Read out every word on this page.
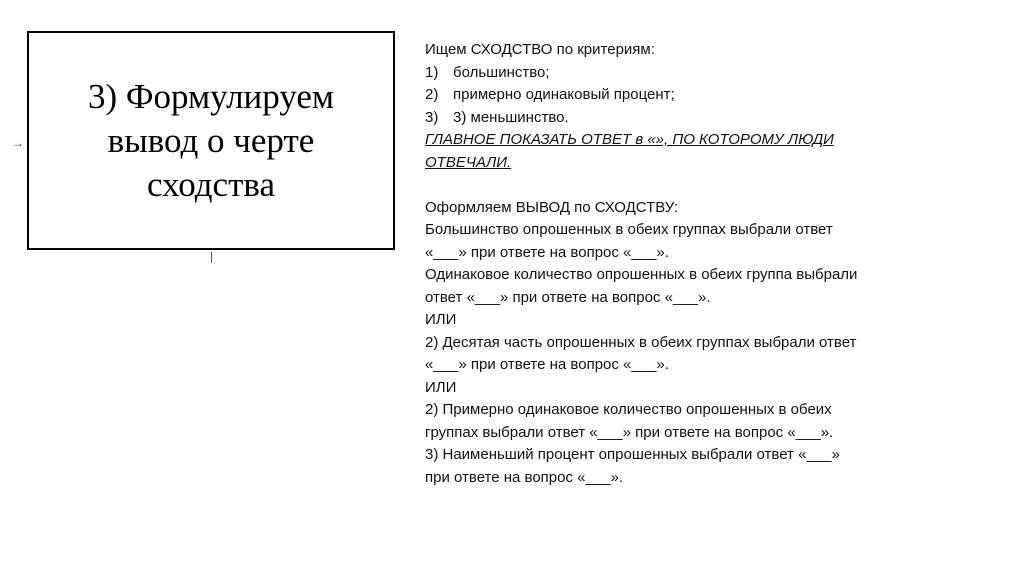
3) Формулируем
вывод о черте
сходства
→
Ищем СХОДСТВО по критериям:
1) большинство;
2) примерно одинаковый процент;
3) 3) меньшинство.
ГЛАВНОЕ ПОКАЗАТЬ ОТВЕТ в «», ПО КОТОРОМУ ЛЮДИ
ОТВЕЧАЛИ.
Оформляем ВЫВОД по СХОДСТВУ:
Большинство опрошенных в обеих группах выбрали ответ
«___» при ответе на вопрос «___».
Одинаковое количество опрошенных в обеих группа выбрали
ответ «___» при ответе на вопрос «___».
ИЛИ
2) Десятая часть опрошенных в обеих группах выбрали ответ
«___» при ответе на вопрос «___».
ИЛИ
2) Примерно одинаковое количество опрошенных в обеих
группах выбрали ответ «___» при ответе на вопрос «___».
3) Наименьший процент опрошенных выбрали ответ «___»
при ответе на вопрос «___».
